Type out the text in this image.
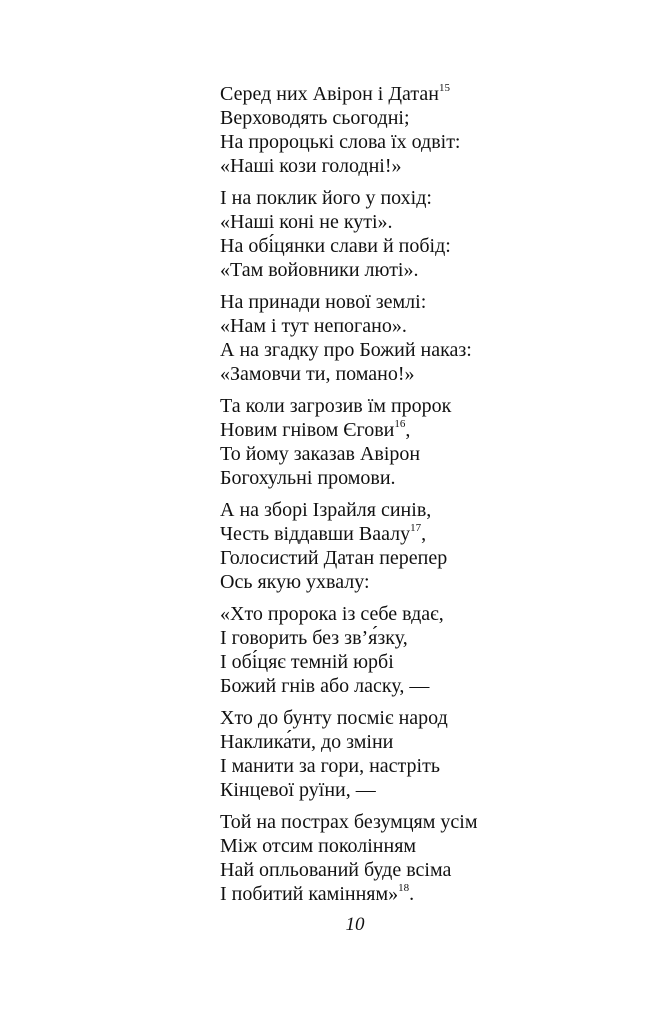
Серед них Авірон і Датан$^{15}$
Верховодять сьогодні;
На пророцькі слова їх одвіт:
«Наші кози голодні!»
І на поклик його у похід:
«Наші коні не куті».
На обі́цянки слави й побід:
«Там войовники люті».
На принади нової землі:
«Нам і тут непогано».
А на згадку про Божий наказ:
«Замовчи ти, помано!»
Та коли загрозив їм пророк
Новим гнівом Єгови$^{16}$,
То йому заказав Авірон
Богохульні промови.
А на зборі Ізрайля синів,
Честь віддавши Ваалу$^{17}$,
Голосистий Датан перепер
Ось якую ухвалу:
«Хто пророка із себе вдає,
І говорить без зв’я́зку,
І обі́цяє темній юрбі
Божий гнів або ласку, —
Хто до бунту посміє народ
Наклика́ти, до зміни
І манити за гори, настріть
Кінцевої руїни, —
Той на пострах безумцям усім
Між отсим поколінням
Най опльований буде всіма
І побитий камінням»$^{18}$.
10
